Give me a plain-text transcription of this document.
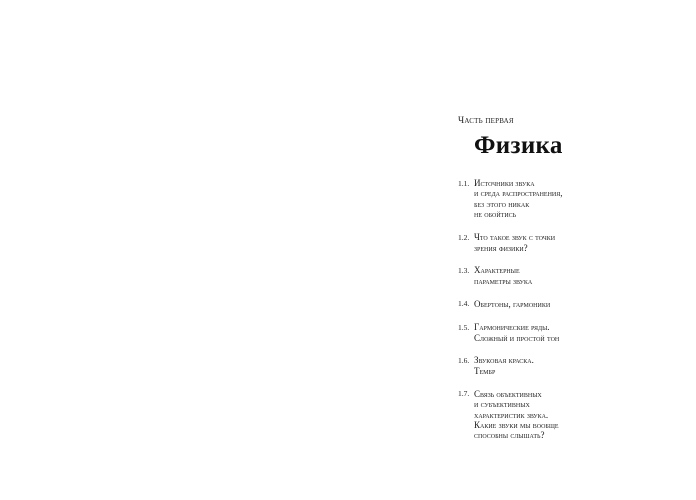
Часть первая
Физика
1.1. Источники звука
и среда распространения,
без этого никак
не обойтись
1.2. Что такое звук с точки
зрения физики?
1.3. Характерные
параметры звука
1.4. Обертоны, гармоники
1.5. Гармонические ряды.
Сложный и простой тон
1.6. Звуковая краска.
Тембр
1.7. Связь объективных
и субъективных
характеристик звука.
Какие звуки мы вообще
способны слышать?
